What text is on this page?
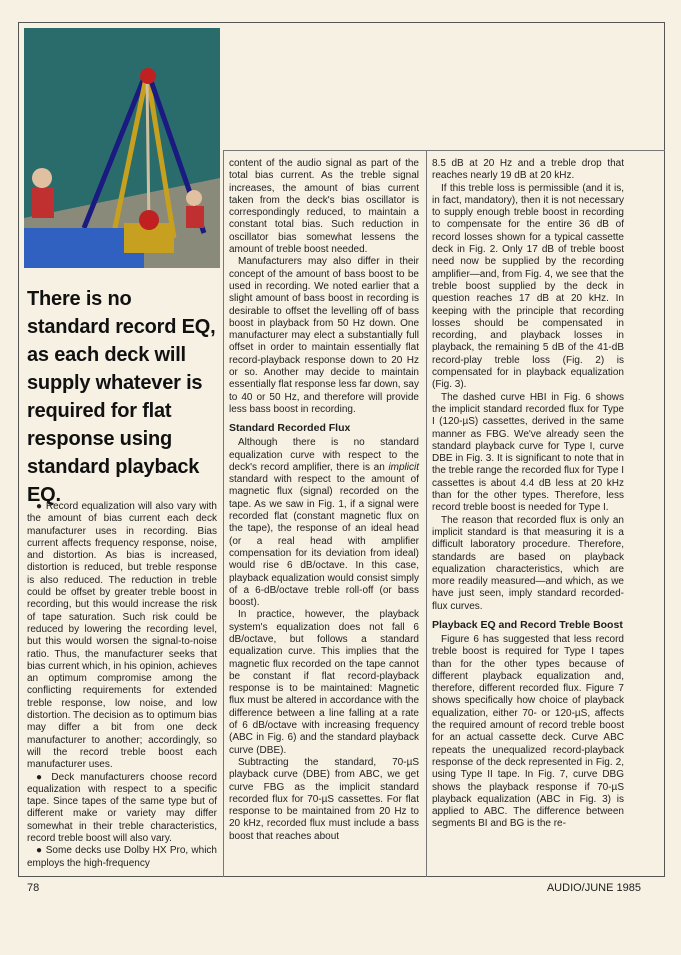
There is no standard record EQ, as each deck will supply whatever is required for flat response using standard playback EQ.

● Record equalization will also vary with the amount of bias current each deck manufacturer uses in recording. Bias current affects frequency response, noise, and distortion. As bias is increased, distortion is reduced, but treble response is also reduced. The reduction in treble could be offset by greater treble boost in recording, but this would increase the risk of tape saturation. Such risk could be reduced by lowering the recording level, but this would worsen the signal-to-noise ratio. Thus, the manufacturer seeks that bias current which, in his opinion, achieves an optimum compromise among the conflicting requirements for extended treble response, low noise, and low distortion. The decision as to optimum bias may differ a bit from one deck manufacturer to another; accordingly, so will the record treble boost each manufacturer uses.

● Deck manufacturers choose record equalization with respect to a specific tape. Since tapes of the same type but of different make or variety may differ somewhat in their treble characteristics, record treble boost will also vary.

● Some decks use Dolby HX Pro, which employs the high-frequency

content of the audio signal as part of the total bias current. As the treble signal increases, the amount of bias current taken from the deck's bias oscillator is correspondingly reduced, to maintain a constant total bias. Such reduction in oscillator bias somewhat lessens the amount of treble boost needed.

Manufacturers may also differ in their concept of the amount of bass boost to be used in recording. We noted earlier that a slight amount of bass boost in recording is desirable to offset the levelling off of bass boost in playback from 50 Hz down. One manufacturer may elect a substantially full offset in order to maintain essentially flat record-playback response down to 20 Hz or so. Another may decide to maintain essentially flat response less far down, say to 40 or 50 Hz, and therefore will provide less bass boost in recording.

Standard Recorded Flux

Although there is no standard equalization curve with respect to the deck's record amplifier, there is an implicit standard with respect to the amount of magnetic flux (signal) recorded on the tape. As we saw in Fig. 1, if a signal were recorded flat (constant magnetic flux on the tape), the response of an ideal head (or a real head with amplifier compensation for its deviation from ideal) would rise 6 dB/octave. In this case, playback equalization would consist simply of a 6-dB/octave treble roll-off (or bass boost).

In practice, however, the playback system's equalization does not fall 6 dB/octave, but follows a standard equalization curve. This implies that the magnetic flux recorded on the tape cannot be constant if flat record-playback response is to be maintained: Magnetic flux must be altered in accordance with the difference between a line falling at a rate of 6 dB/octave with increasing frequency (ABC in Fig. 6) and the standard playback curve (DBE).

Subtracting the standard, 70-µS playback curve (DBE) from ABC, we get curve FBG as the implicit standard recorded flux for 70-µS cassettes. For flat response to be maintained from 20 Hz to 20 kHz, recorded flux must include a bass boost that reaches about

8.5 dB at 20 Hz and a treble drop that reaches nearly 19 dB at 20 kHz.

If this treble loss is permissible (and it is, in fact, mandatory), then it is not necessary to supply enough treble boost in recording to compensate for the entire 36 dB of record losses shown for a typical cassette deck in Fig. 2. Only 17 dB of treble boost need now be supplied by the recording amplifier—and, from Fig. 4, we see that the treble boost supplied by the deck in question reaches 17 dB at 20 kHz. In keeping with the principle that recording losses should be compensated in recording, and playback losses in playback, the remaining 5 dB of the 41-dB record-play treble loss (Fig. 2) is compensated for in playback equalization (Fig. 3).

The dashed curve HBI in Fig. 6 shows the implicit standard recorded flux for Type I (120-µS) cassettes, derived in the same manner as FBG. We've already seen the standard playback curve for Type I, curve DBE in Fig. 3. It is significant to note that in the treble range the recorded flux for Type I cassettes is about 4.4 dB less at 20 kHz than for the other types. Therefore, less record treble boost is needed for Type I.

The reason that recorded flux is only an implicit standard is that measuring it is a difficult laboratory procedure. Therefore, standards are based on playback equalization characteristics, which are more readily measured—and which, as we have just seen, imply standard recorded-flux curves.

Playback EQ and Record Treble Boost

Figure 6 has suggested that less record treble boost is required for Type I tapes than for the other types because of different playback equalization and, therefore, different recorded flux. Figure 7 shows specifically how choice of playback equalization, either 70- or 120-µS, affects the required amount of record treble boost for an actual cassette deck. Curve ABC repeats the unequalized record-playback response of the deck represented in Fig. 2, using Type II tape. In Fig. 7, curve DBG shows the playback response if 70-µS playback equalization (ABC in Fig. 3) is applied to ABC. The difference between segments BI and BG is the re-

78	AUDIO/JUNE 1985
